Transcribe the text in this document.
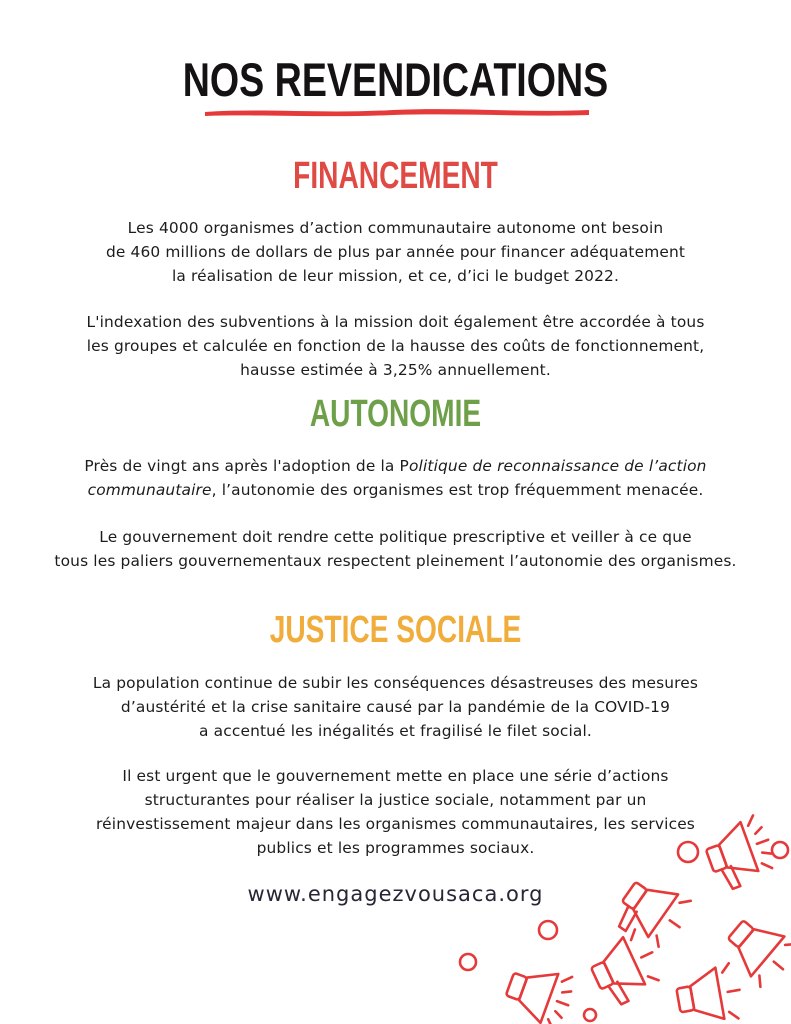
NOS REVENDICATIONS
FINANCEMENT
Les 4000 organismes d’action communautaire autonome ont besoin
de 460 millions de dollars de plus par année pour financer adéquatement
la réalisation de leur mission, et ce, d’ici le budget 2022.
L'indexation des subventions à la mission doit également être accordée à tous
les groupes et calculée en fonction de la hausse des coûts de fonctionnement,
hausse estimée à 3,25% annuellement.
AUTONOMIE
Près de vingt ans après l'adoption de la Politique de reconnaissance de l’action
communautaire, l’autonomie des organismes est trop fréquemment menacée.
Le gouvernement doit rendre cette politique prescriptive et veiller à ce que
tous les paliers gouvernementaux respectent pleinement l’autonomie des organismes.
JUSTICE SOCIALE
La population continue de subir les conséquences désastreuses des mesures
d’austérité et la crise sanitaire causé par la pandémie de la COVID-19
a accentué les inégalités et fragilisé le filet social.
Il est urgent que le gouvernement mette en place une série d’actions
structurantes pour réaliser la justice sociale, notamment par un
réinvestissement majeur dans les organismes communautaires, les services
publics et les programmes sociaux.
www.engagezvousaca.org
